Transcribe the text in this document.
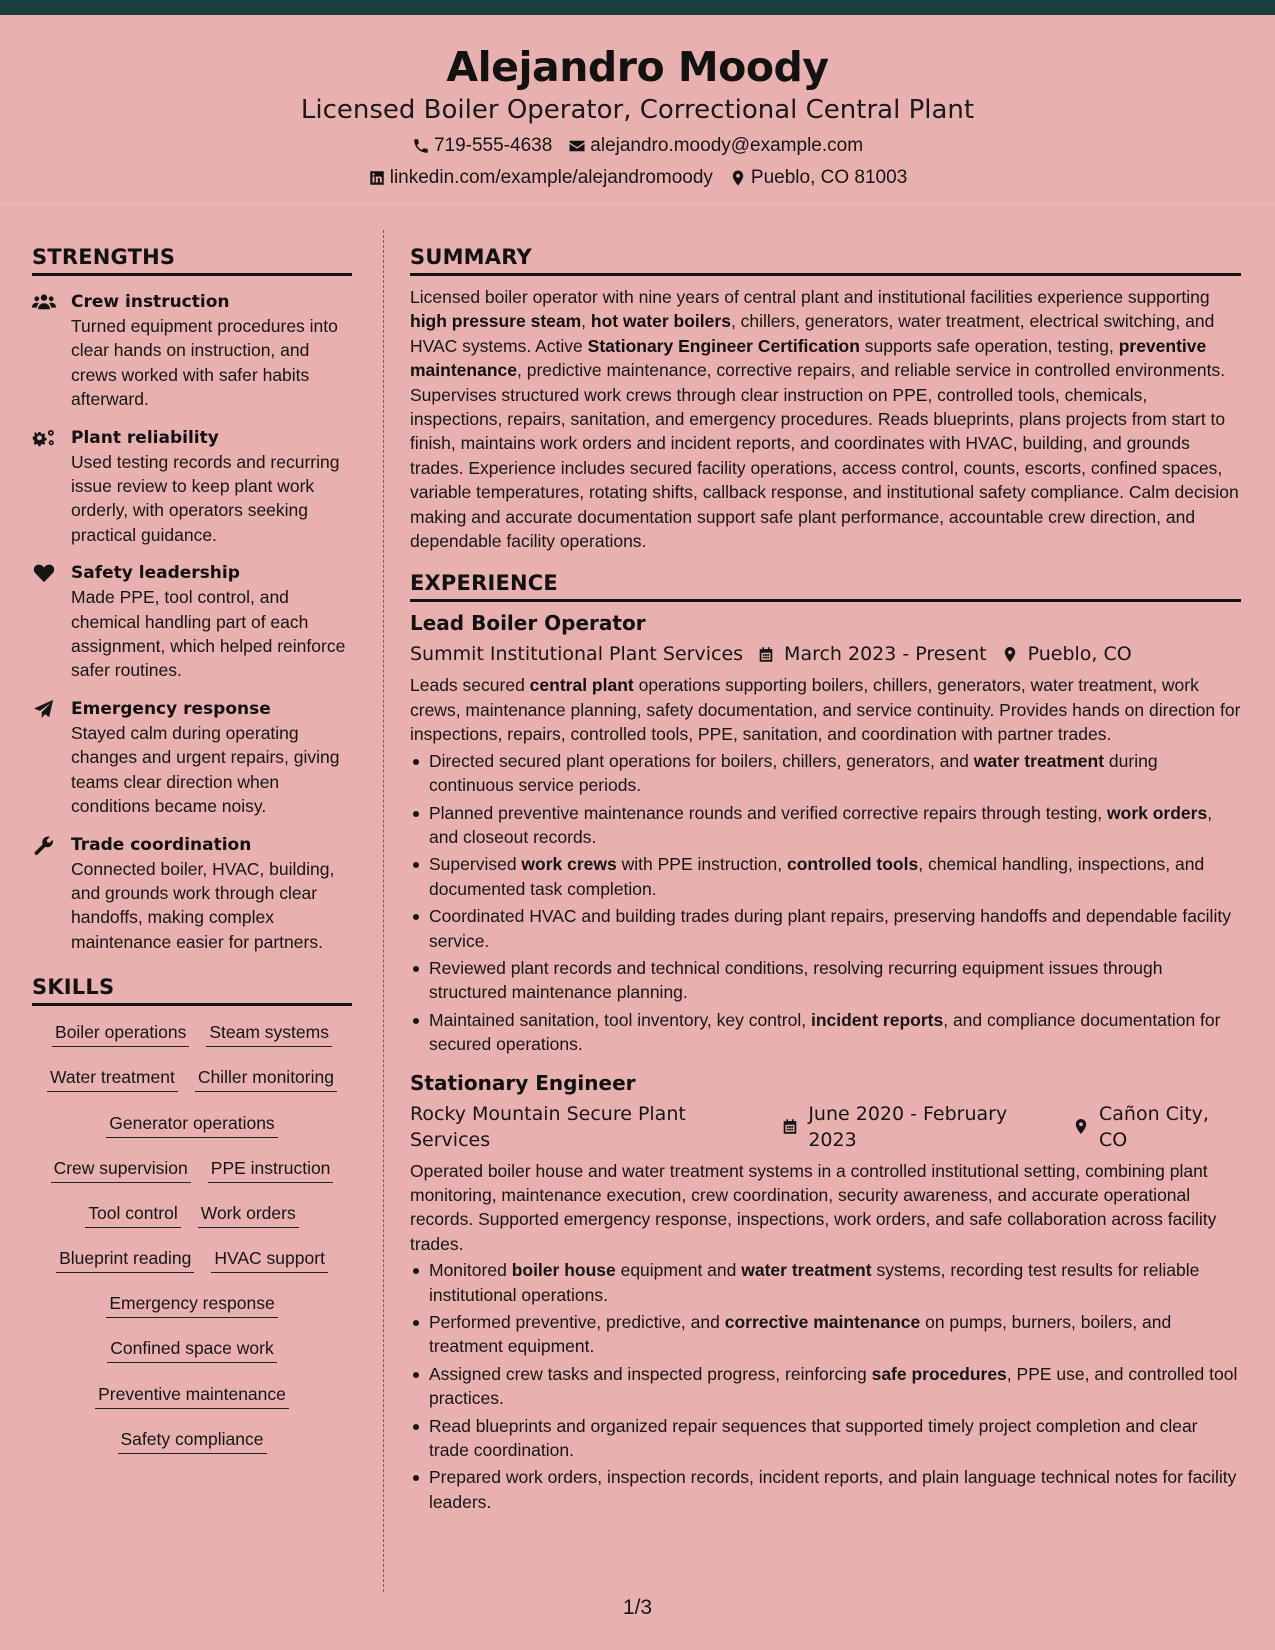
Alejandro Moody
Licensed Boiler Operator, Correctional Central Plant
719-555-4638 alejandro.moody@example.com
linkedin.com/example/alejandromoody Pueblo, CO 81003
STRENGTHS
Crew instruction
Turned equipment procedures into clear hands on instruction, and crews worked with safer habits afterward.
Plant reliability
Used testing records and recurring issue review to keep plant work orderly, with operators seeking practical guidance.
Safety leadership
Made PPE, tool control, and chemical handling part of each assignment, which helped reinforce safer routines.
Emergency response
Stayed calm during operating changes and urgent repairs, giving teams clear direction when conditions became noisy.
Trade coordination
Connected boiler, HVAC, building, and grounds work through clear handoffs, making complex maintenance easier for partners.
SKILLS
Boiler operations Steam systems
Water treatment Chiller monitoring
Generator operations
Crew supervision PPE instruction
Tool control Work orders
Blueprint reading HVAC support
Emergency response
Confined space work
Preventive maintenance
Safety compliance
SUMMARY

Licensed boiler operator with nine years of central plant and institutional facilities experience supporting high pressure steam, hot water boilers, chillers, generators, water treatment, electrical switching, and HVAC systems. Active Stationary Engineer Certification supports safe operation, testing, preventive maintenance, predictive maintenance, corrective repairs, and reliable service in controlled environments. Supervises structured work crews through clear instruction on PPE, controlled tools, chemicals, inspections, repairs, sanitation, and emergency procedures. Reads blueprints, plans projects from start to finish, maintains work orders and incident reports, and coordinates with HVAC, building, and grounds trades. Experience includes secured facility operations, access control, counts, escorts, confined spaces, variable temperatures, rotating shifts, callback response, and institutional safety compliance. Calm decision making and accurate documentation support safe plant performance, accountable crew direction, and dependable facility operations.

EXPERIENCE
Lead Boiler Operator
Summit Institutional Plant Services March 2023 - Present Pueblo, CO

Leads secured central plant operations supporting boilers, chillers, generators, water treatment, work crews, maintenance planning, safety documentation, and service continuity. Provides hands on direction for inspections, repairs, controlled tools, PPE, sanitation, and coordination with partner trades.

Directed secured plant operations for boilers, chillers, generators, and water treatment during continuous service periods.
Planned preventive maintenance rounds and verified corrective repairs through testing, work orders, and closeout records.
Supervised work crews with PPE instruction, controlled tools, chemical handling, inspections, and documented task completion.
Coordinated HVAC and building trades during plant repairs, preserving handoffs and dependable facility service.
Reviewed plant records and technical conditions, resolving recurring equipment issues through structured maintenance planning.
Maintained sanitation, tool inventory, key control, incident reports, and compliance documentation for secured operations.
Stationary Engineer
Rocky Mountain Secure Plant Services
June 2020 - February 2023
Cañon City, CO

Operated boiler house and water treatment systems in a controlled institutional setting, combining plant monitoring, maintenance execution, crew coordination, security awareness, and accurate operational records. Supported emergency response, inspections, work orders, and safe collaboration across facility trades.

Monitored boiler house equipment and water treatment systems, recording test results for reliable institutional operations.
Performed preventive, predictive, and corrective maintenance on pumps, burners, boilers, and treatment equipment.
Assigned crew tasks and inspected progress, reinforcing safe procedures, PPE use, and controlled tool practices.
Read blueprints and organized repair sequences that supported timely project completion and clear trade coordination.
Prepared work orders, inspection records, incident reports, and plain language technical notes for facility leaders.
1/3
